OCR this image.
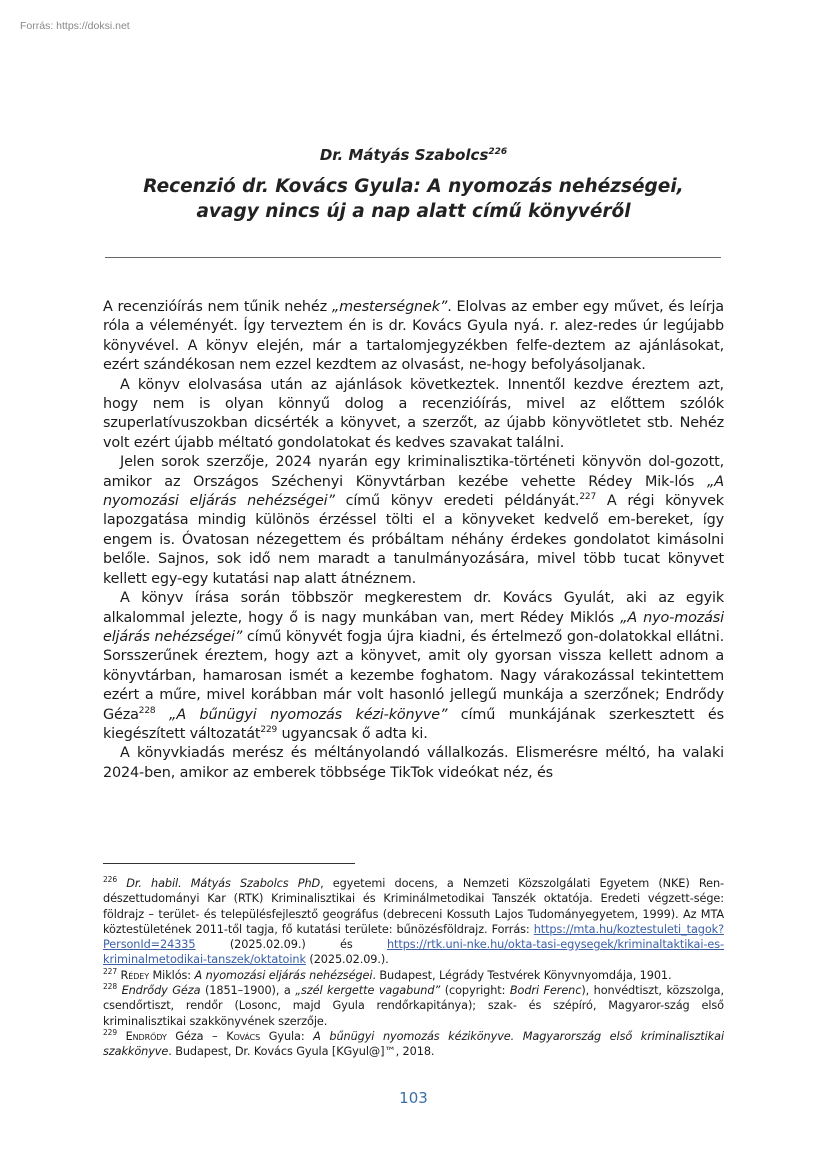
Forrás: https://doksi.net
Dr. Mátyás Szabolcs$^{226}$
Recenzió dr. Kovács Gyula: A nyomozás nehézségei,
avagy nincs új a nap alatt című könyvéről

A recenzióírás nem tűnik nehéz „mesterségnek”. Elolvas az ember egy művet, és leírja róla a véleményét. Így terveztem én is dr. Kovács Gyula nyá. r. alez-redes úr legújabb könyvével. A könyv elején, már a tartalomjegyzékben felfe-deztem az ajánlásokat, ezért szándékosan nem ezzel kezdtem az olvasást, ne-hogy befolyásoljanak.

A könyv elolvasása után az ajánlások következtek. Innentől kezdve éreztem azt, hogy nem is olyan könnyű dolog a recenzióírás, mivel az előttem szólók szuperlatívuszokban dicsérték a könyvet, a szerzőt, az újabb könyvötletet stb. Nehéz volt ezért újabb méltató gondolatokat és kedves szavakat találni.

Jelen sorok szerzője, 2024 nyarán egy kriminalisztika-történeti könyvön dol-gozott, amikor az Országos Széchenyi Könyvtárban kezébe vehette Rédey Mik-lós „A nyomozási eljárás nehézségei” című könyv eredeti példányát.$^{227}$ A régi könyvek lapozgatása mindig különös érzéssel tölti el a könyveket kedvelő em-bereket, így engem is. Óvatosan nézegettem és próbáltam néhány érdekes gondolatot kimásolni belőle. Sajnos, sok idő nem maradt a tanulmányozására, mivel több tucat könyvet kellett egy-egy kutatási nap alatt átnéznem.

A könyv írása során többször megkerestem dr. Kovács Gyulát, aki az egyik alkalommal jelezte, hogy ő is nagy munkában van, mert Rédey Miklós „A nyo-mozási eljárás nehézségei” című könyvét fogja újra kiadni, és értelmező gon-dolatokkal ellátni. Sorsszerűnek éreztem, hogy azt a könyvet, amit oly gyorsan vissza kellett adnom a könyvtárban, hamarosan ismét a kezembe foghatom. Nagy várakozással tekintettem ezért a műre, mivel korábban már volt hasonló jellegű munkája a szerzőnek; Endrődy Géza$^{228}$ „A bűnügyi nyomozás kézi-könyve” című munkájának szerkesztett és kiegészített változatát$^{229}$ ugyancsak ő adta ki.

A könyvkiadás merész és méltányolandó vállalkozás. Elismerésre méltó, ha valaki 2024-ben, amikor az emberek többsége TikTok videókat néz, és

$^{226}$ Dr. habil. Mátyás Szabolcs PhD, egyetemi docens, a Nemzeti Közszolgálati Egyetem (NKE) Ren-dészettudományi Kar (RTK) Kriminalisztikai és Kriminálmetodikai Tanszék oktatója. Eredeti végzett-sége: földrajz – terület- és településfejlesztő geográfus (debreceni Kossuth Lajos Tudományegyetem, 1999). Az MTA köztestületének 2011-től tagja, fő kutatási területe: bűnözésföldrajz. Forrás: https://mta.hu/koztestuleti_tagok?PersonId=24335 (2025.02.09.) és https://rtk.uni-nke.hu/okta-tasi-egysegek/kriminaltaktikai-es-kriminalmetodikai-tanszek/oktatoink (2025.02.09.).

$^{227}$ Rédey Miklós: A nyomozási eljárás nehézségei. Budapest, Légrády Testvérek Könyvnyomdája, 1901.

$^{228}$ Endrődy Géza (1851–1900), a „szél kergette vagabund” (copyright: Bodri Ferenc), honvédtiszt, közszolga, csendőrtiszt, rendőr (Losonc, majd Gyula rendőrkapitánya); szak- és szépíró, Magyaror-szág első kriminalisztikai szakkönyvének szerzője.

$^{229}$ Endrődy Géza – Kovács Gyula: A bűnügyi nyomozás kézikönyve. Magyarország első kriminalisztikai szakkönyve. Budapest, Dr. Kovács Gyula [KGyul@]™, 2018.

103
